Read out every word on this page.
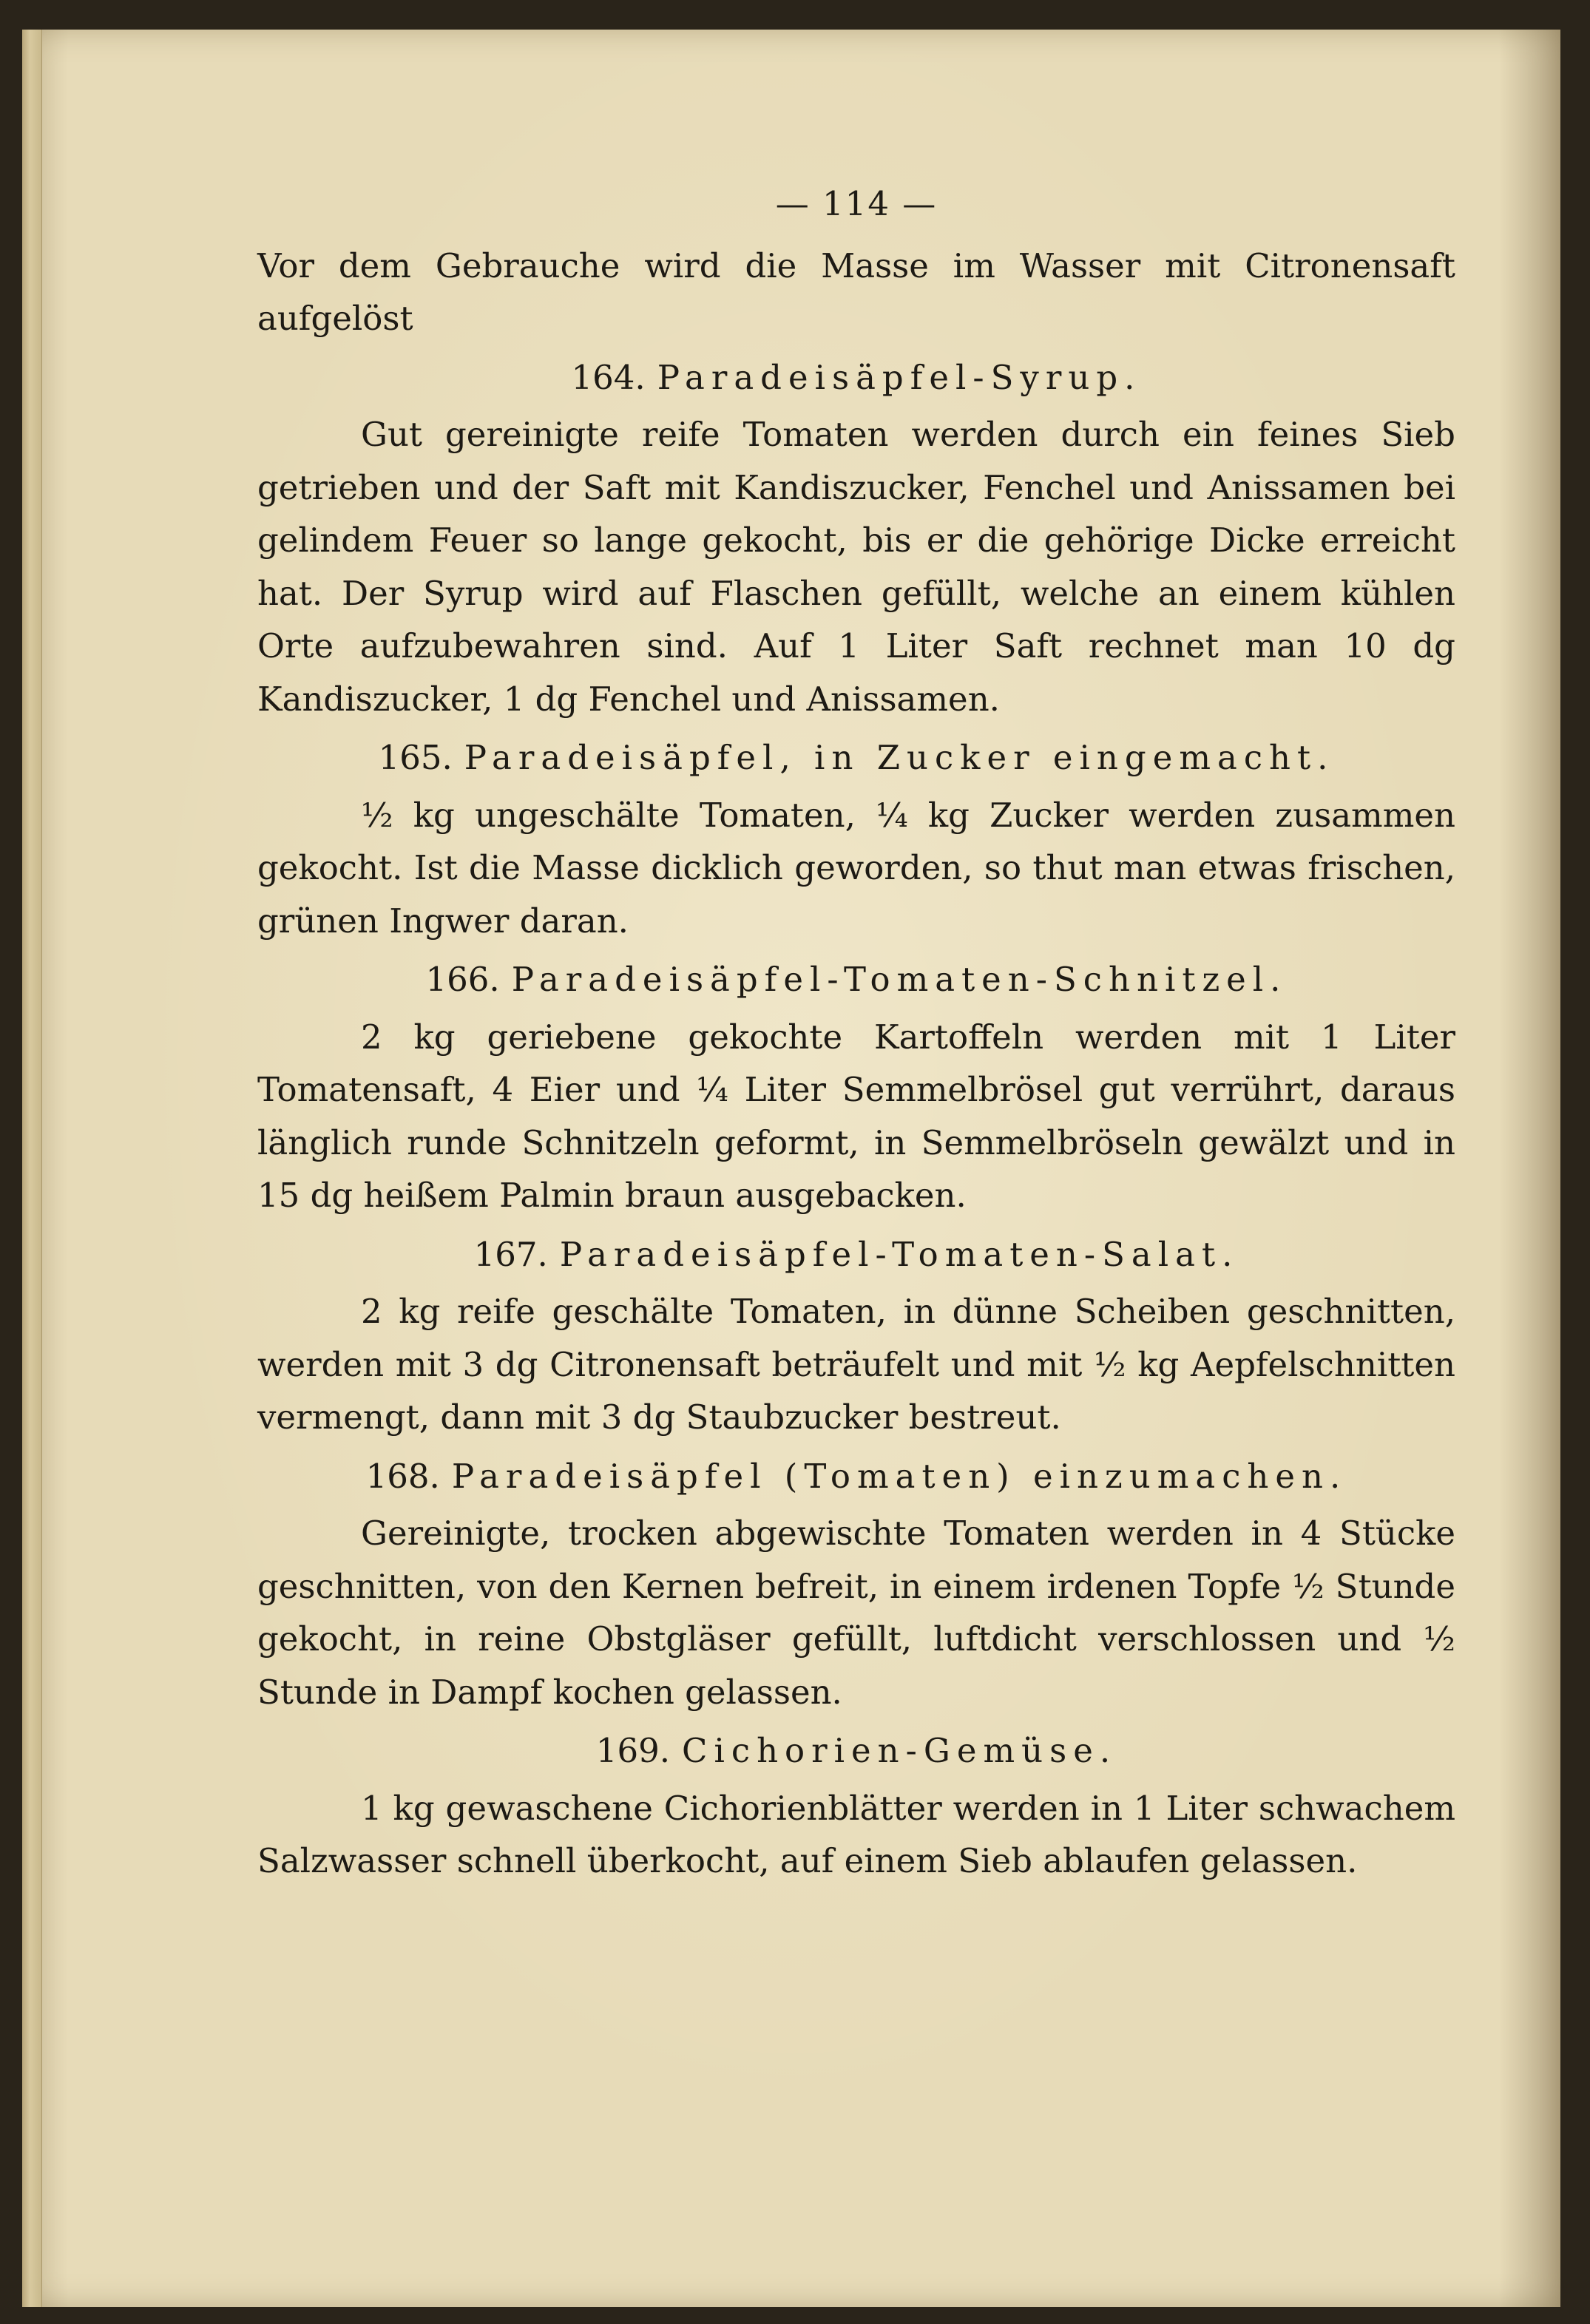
— 114 —

Vor dem Gebrauche wird die Masse im Wasser mit Citronensaft aufgelöst

164. Paradeisäpfel-Syrup.

Gut gereinigte reife Tomaten werden durch ein feines Sieb getrieben und der Saft mit Kandiszucker, Fenchel und Anissamen bei gelindem Feuer so lange gekocht, bis er die gehörige Dicke erreicht hat. Der Syrup wird auf Flaschen gefüllt, welche an einem kühlen Orte aufzubewahren sind. Auf 1 Liter Saft rechnet man 10 dg Kandiszucker, 1 dg Fenchel und Anissamen.

165. Paradeisäpfel, in Zucker eingemacht.

½ kg ungeschälte Tomaten, ¼ kg Zucker werden zusammen gekocht. Ist die Masse dicklich geworden, so thut man etwas frischen, grünen Ingwer daran.

166. Paradeisäpfel-Tomaten-Schnitzel.

2 kg geriebene gekochte Kartoffeln werden mit 1 Liter Tomatensaft, 4 Eier und ¼ Liter Semmelbrösel gut verrührt, daraus länglich runde Schnitzeln geformt, in Semmelbröseln gewälzt und in 15 dg heißem Palmin braun ausgebacken.

167. Paradeisäpfel-Tomaten-Salat.

2 kg reife geschälte Tomaten, in dünne Scheiben geschnitten, werden mit 3 dg Citronensaft beträufelt und mit ½ kg Aepfelschnitten vermengt, dann mit 3 dg Staubzucker bestreut.

168. Paradeisäpfel (Tomaten) einzumachen.

Gereinigte, trocken abgewischte Tomaten werden in 4 Stücke geschnitten, von den Kernen befreit, in einem irdenen Topfe ½ Stunde gekocht, in reine Obstgläser gefüllt, luftdicht verschlossen und ½ Stunde in Dampf kochen gelassen.

169. Cichorien-Gemüse.

1 kg gewaschene Cichorienblätter werden in 1 Liter schwachem Salzwasser schnell überkocht, auf einem Sieb ablaufen gelassen.
